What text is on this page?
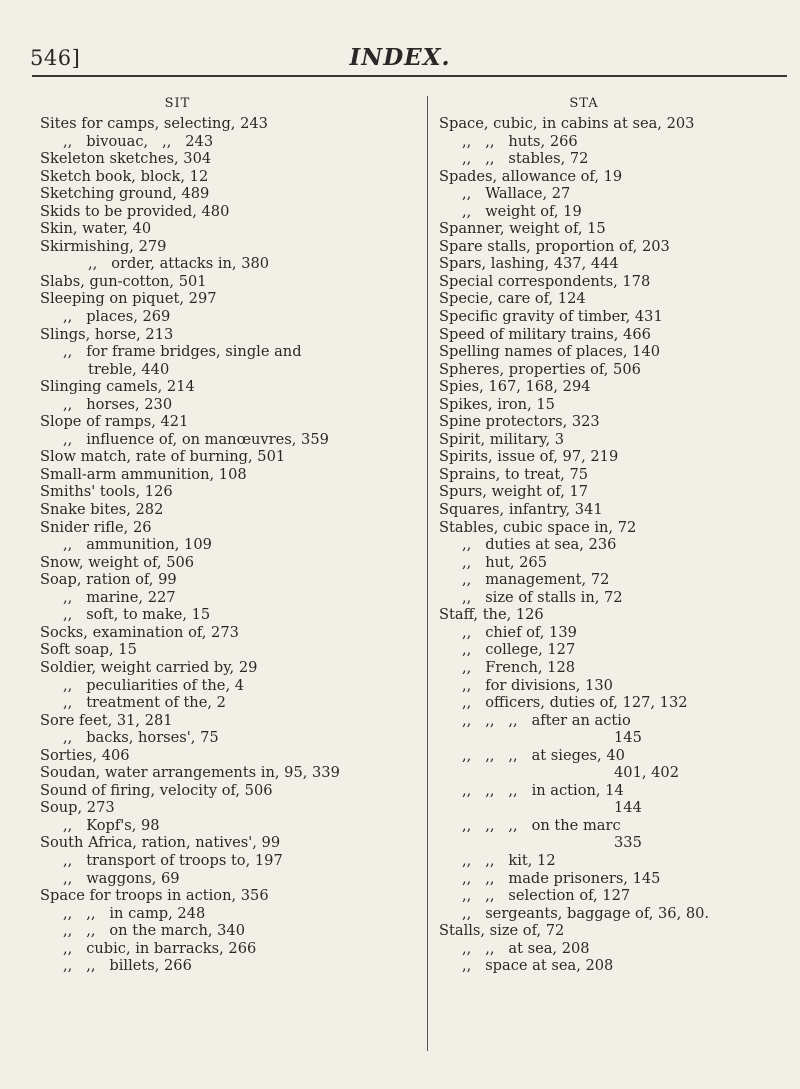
546]	INDEX.
SIT
Sites for camps, selecting, 243
,,   bivouac,   ,,   243
Skeleton sketches, 304
Sketch book, block, 12
Sketching ground, 489
Skids to be provided, 480
Skin, water, 40
Skirmishing, 279
,,   order, attacks in, 380
Slabs, gun-cotton, 501
Sleeping on piquet, 297
,,   places, 269
Slings, horse, 213
,,   for frame bridges, single and
treble, 440
Slinging camels, 214
,,   horses, 230
Slope of ramps, 421
,,   influence of, on manœuvres, 359
Slow match, rate of burning, 501
Small-arm ammunition, 108
Smiths' tools, 126
Snake bites, 282
Snider rifle, 26
,,   ammunition, 109
Snow, weight of, 506
Soap, ration of, 99
,,   marine, 227
,,   soft, to make, 15
Socks, examination of, 273
Soft soap, 15
Soldier, weight carried by, 29
,,   peculiarities of the, 4
,,   treatment of the, 2
Sore feet, 31, 281
,,   backs, horses', 75
Sorties, 406
Soudan, water arrangements in, 95, 339
Sound of firing, velocity of, 506
Soup, 273
,,   Kopf's, 98
South Africa, ration, natives', 99
,,   transport of troops to, 197
,,   waggons, 69
Space for troops in action, 356
,,   ,,   in camp, 248
,,   ,,   on the march, 340
,,   cubic, in barracks, 266
,,   ,,   billets, 266
STA
Space, cubic, in cabins at sea, 203
,,   ,,   huts, 266
,,   ,,   stables, 72
Spades, allowance of, 19
,,   Wallace, 27
,,   weight of, 19
Spanner, weight of, 15
Spare stalls, proportion of, 203
Spars, lashing, 437, 444
Special correspondents, 178
Specie, care of, 124
Specific gravity of timber, 431
Speed of military trains, 466
Spelling names of places, 140
Spheres, properties of, 506
Spies, 167, 168, 294
Spikes, iron, 15
Spine protectors, 323
Spirit, military, 3
Spirits, issue of, 97, 219
Sprains, to treat, 75
Spurs, weight of, 17
Squares, infantry, 341
Stables, cubic space in, 72
,,   duties at sea, 236
,,   hut, 265
,,   management, 72
,,   size of stalls in, 72
Staff, the, 126
,,   chief of, 139
,,   college, 127
,,   French, 128
,,   for divisions, 130
,,   officers, duties of, 127, 132
,,   ,,   ,,   after an actio
145
,,   ,,   ,,   at sieges, 40
401, 402
,,   ,,   ,,   in action, 14
144
,,   ,,   ,,   on the marc
335
,,   ,,   kit, 12
,,   ,,   made prisoners, 145
,,   ,,   selection of, 127
,,   sergeants, baggage of, 36, 80.
Stalls, size of, 72
,,   ,,   at sea, 208
,,   space at sea, 208
